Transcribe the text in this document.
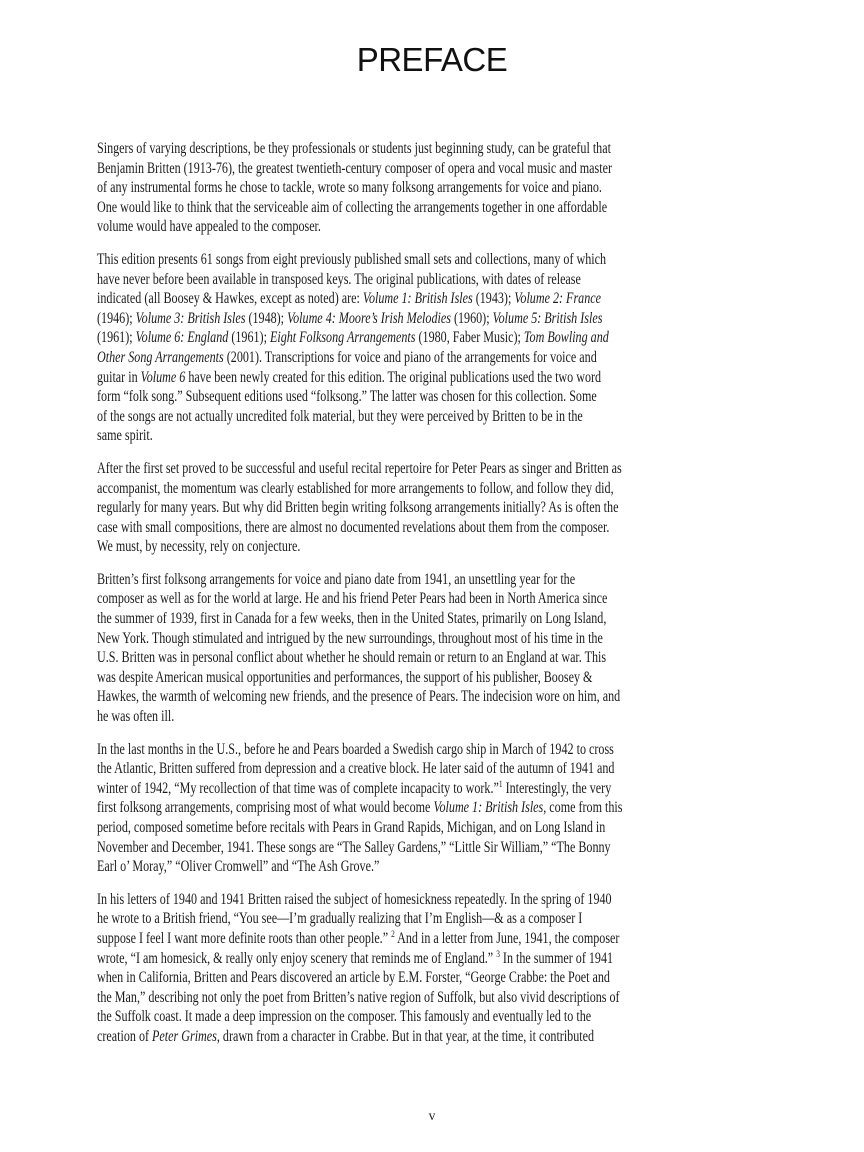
PREFACE

Singers of varying descriptions, be they professionals or students just beginning study, can be grateful that
Benjamin Britten (1913-76), the greatest twentieth-century composer of opera and vocal music and master
of any instrumental forms he chose to tackle, wrote so many folksong arrangements for voice and piano.
One would like to think that the serviceable aim of collecting the arrangements together in one affordable
volume would have appealed to the composer.

This edition presents 61 songs from eight previously published small sets and collections, many of which
have never before been available in transposed keys. The original publications, with dates of release
indicated (all Boosey & Hawkes, except as noted) are: Volume 1: British Isles (1943); Volume 2: France
(1946); Volume 3: British Isles (1948); Volume 4: Moore’s Irish Melodies (1960); Volume 5: British Isles
(1961); Volume 6: England (1961); Eight Folksong Arrangements (1980, Faber Music); Tom Bowling and
Other Song Arrangements (2001). Transcriptions for voice and piano of the arrangements for voice and
guitar in Volume 6 have been newly created for this edition. The original publications used the two word
form “folk song.” Subsequent editions used “folksong.” The latter was chosen for this collection. Some
of the songs are not actually uncredited folk material, but they were perceived by Britten to be in the
same spirit.

After the first set proved to be successful and useful recital repertoire for Peter Pears as singer and Britten as
accompanist, the momentum was clearly established for more arrangements to follow, and follow they did,
regularly for many years. But why did Britten begin writing folksong arrangements initially? As is often the
case with small compositions, there are almost no documented revelations about them from the composer.
We must, by necessity, rely on conjecture.

Britten’s first folksong arrangements for voice and piano date from 1941, an unsettling year for the
composer as well as for the world at large. He and his friend Peter Pears had been in North America since
the summer of 1939, first in Canada for a few weeks, then in the United States, primarily on Long Island,
New York. Though stimulated and intrigued by the new surroundings, throughout most of his time in the
U.S. Britten was in personal conflict about whether he should remain or return to an England at war. This
was despite American musical opportunities and performances, the support of his publisher, Boosey &
Hawkes, the warmth of welcoming new friends, and the presence of Pears. The indecision wore on him, and
he was often ill.

In the last months in the U.S., before he and Pears boarded a Swedish cargo ship in March of 1942 to cross
the Atlantic, Britten suffered from depression and a creative block. He later said of the autumn of 1941 and
winter of 1942, “My recollection of that time was of complete incapacity to work.”$^1$ Interestingly, the very
first folksong arrangements, comprising most of what would become Volume 1: British Isles, come from this
period, composed sometime before recitals with Pears in Grand Rapids, Michigan, and on Long Island in
November and December, 1941. These songs are “The Salley Gardens,” “Little Sir William,” “The Bonny
Earl o’ Moray,” “Oliver Cromwell” and “The Ash Grove.”

In his letters of 1940 and 1941 Britten raised the subject of homesickness repeatedly. In the spring of 1940
he wrote to a British friend, “You see—I’m gradually realizing that I’m English—& as a composer I
suppose I feel I want more definite roots than other people.” $^2$ And in a letter from June, 1941, the composer
wrote, “I am homesick, & really only enjoy scenery that reminds me of England.” $^3$ In the summer of 1941
when in California, Britten and Pears discovered an article by E.M. Forster, “George Crabbe: the Poet and
the Man,” describing not only the poet from Britten’s native region of Suffolk, but also vivid descriptions of
the Suffolk coast. It made a deep impression on the composer. This famously and eventually led to the
creation of Peter Grimes, drawn from a character in Crabbe. But in that year, at the time, it contributed

v
